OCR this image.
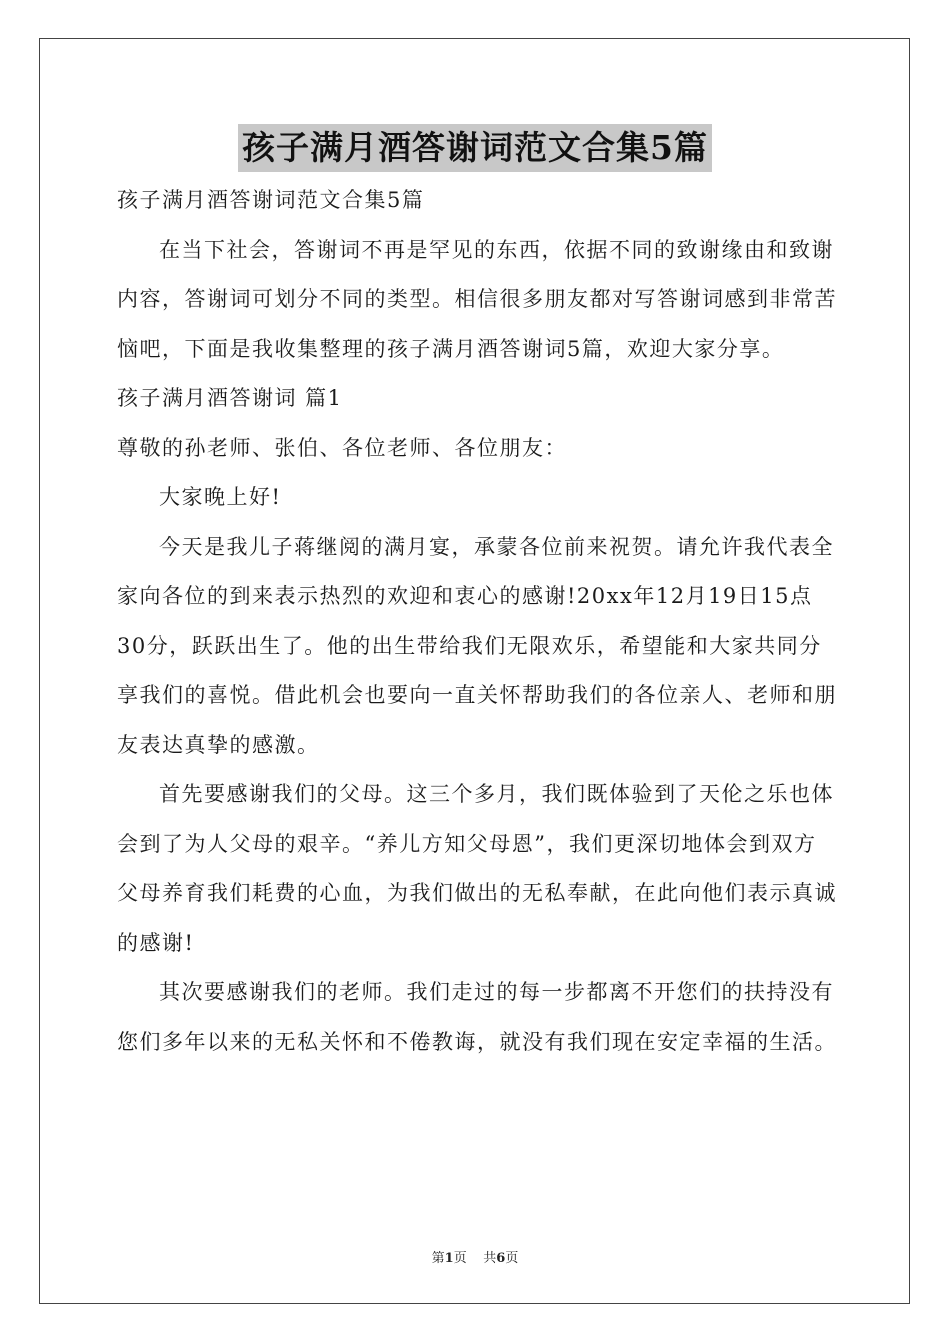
孩子满月酒答谢词范文合集5篇

孩子满月酒答谢词范文合集5篇

在当下社会，答谢词不再是罕见的东西，依据不同的致谢缘由和致谢内容，答谢词可划分不同的类型。相信很多朋友都对写答谢词感到非常苦恼吧，下面是我收集整理的孩子满月酒答谢词5篇，欢迎大家分享。

孩子满月酒答谢词 篇1

尊敬的孙老师、张伯、各位老师、各位朋友：

大家晚上好!

今天是我儿子蒋继阅的满月宴，承蒙各位前来祝贺。请允许我代表全家向各位的到来表示热烈的欢迎和衷心的感谢!20xx年12月19日15点30分，跃跃出生了。他的出生带给我们无限欢乐，希望能和大家共同分享我们的喜悦。借此机会也要向一直关怀帮助我们的各位亲人、老师和朋友表达真挚的感激。

首先要感谢我们的父母。这三个多月，我们既体验到了天伦之乐也体会到了为人父母的艰辛。“养儿方知父母恩”，我们更深切地体会到双方父母养育我们耗费的心血，为我们做出的无私奉献，在此向他们表示真诚的感谢!

其次要感谢我们的老师。我们走过的每一步都离不开您们的扶持没有您们多年以来的无私关怀和不倦教诲，就没有我们现在安定幸福的生活。

第1页 共6页
